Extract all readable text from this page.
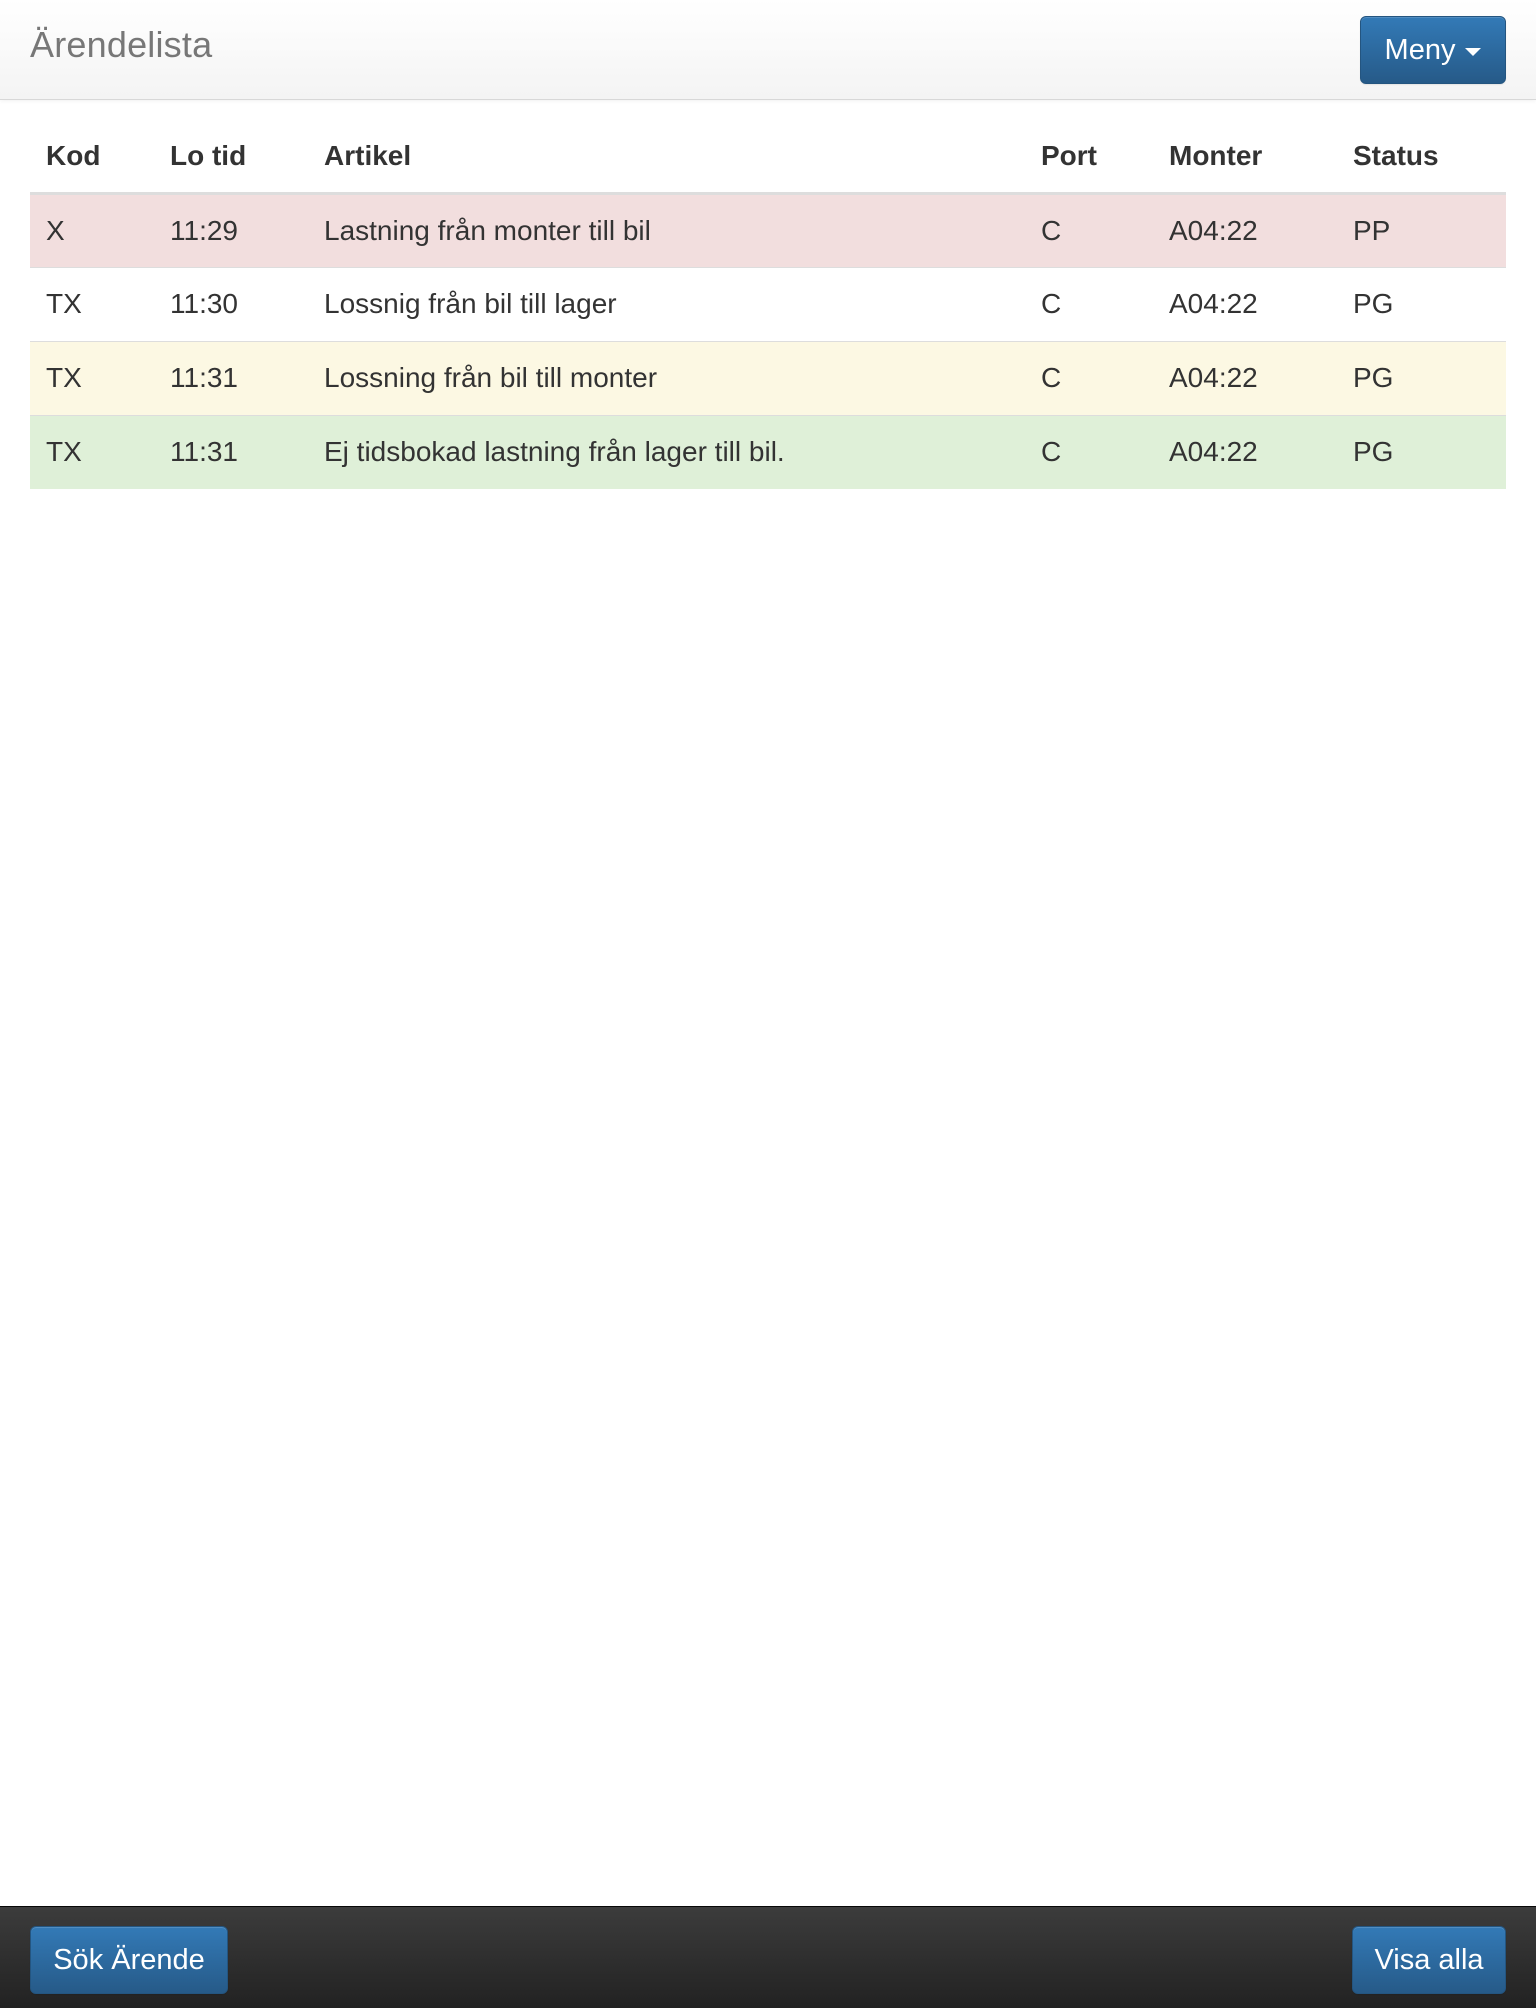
Ärendelista	Meny
Kod	Lo tid	Artikel	Port	Monter	Status
X	11:29	Lastning från monter till bil	C	A04:22	PP
TX	11:30	Lossnig från bil till lager	C	A04:22	PG
TX	11:31	Lossning från bil till monter	C	A04:22	PG
TX	11:31	Ej tidsbokad lastning från lager till bil.	C	A04:22	PG
Sök Ärende	Visa alla
